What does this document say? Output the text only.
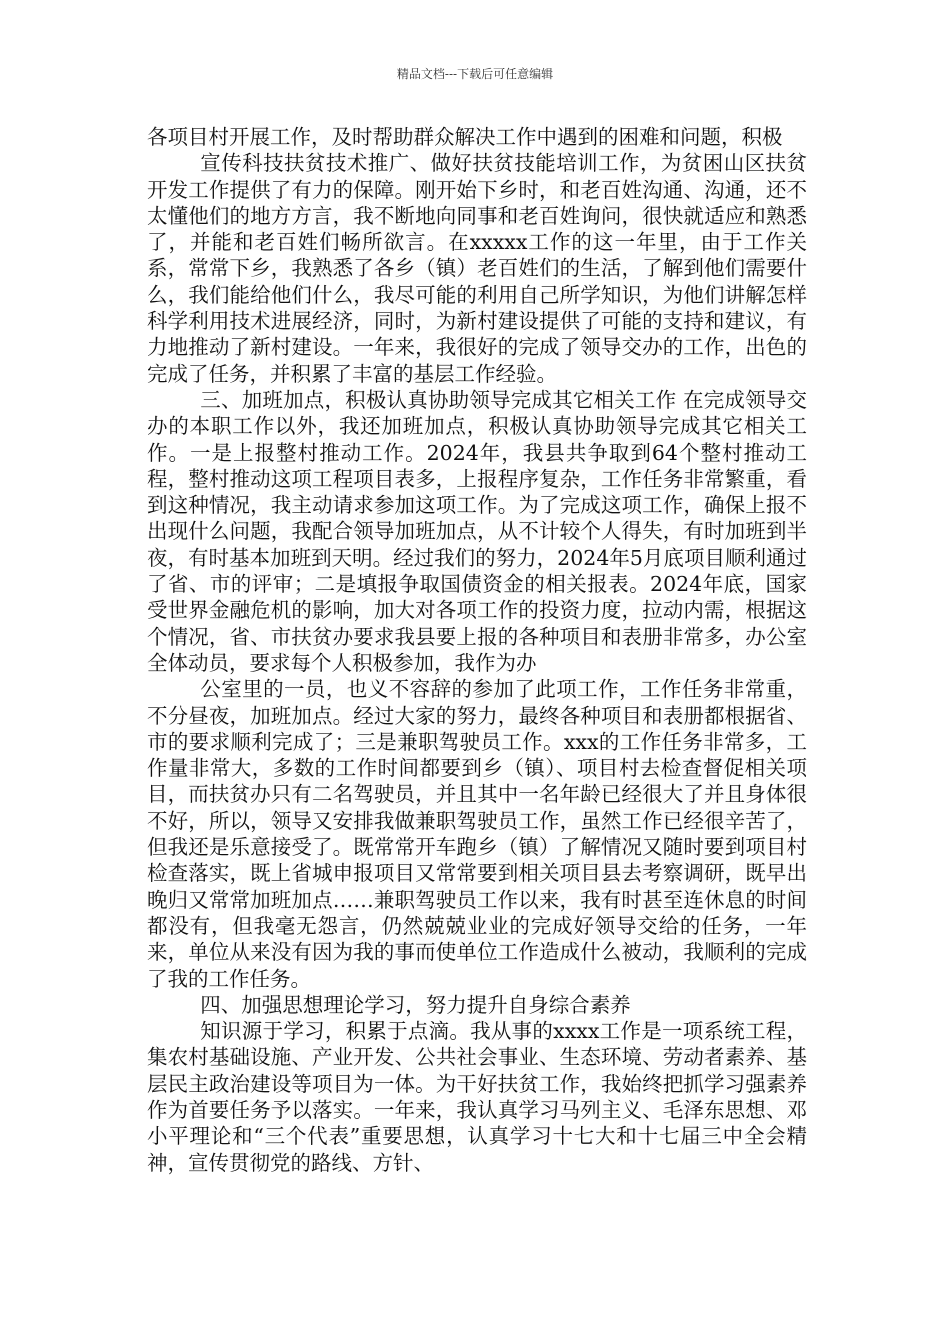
精品文档---下载后可任意编辑

各项目村开展工作，及时帮助群众解决工作中遇到的困难和问题，积极

宣传科技扶贫技术推广、做好扶贫技能培训工作，为贫困山区扶贫开发工作提供了有力的保障。刚开始下乡时，和老百姓沟通、沟通，还不太懂他们的地方方言，我不断地向同事和老百姓询问，很快就适应和熟悉了，并能和老百姓们畅所欲言。在xxxxx工作的这一年里，由于工作关系，常常下乡，我熟悉了各乡（镇）老百姓们的生活，了解到他们需要什么，我们能给他们什么，我尽可能的利用自己所学知识，为他们讲解怎样科学利用技术进展经济，同时，为新村建设提供了可能的支持和建议，有力地推动了新村建设。一年来，我很好的完成了领导交办的工作，出色的完成了任务，并积累了丰富的基层工作经验。

三、加班加点，积极认真协助领导完成其它相关工作 在完成领导交办的本职工作以外，我还加班加点，积极认真协助领导完成其它相关工作。一是上报整村推动工作。2024年，我县共争取到64个整村推动工程，整村推动这项工程项目表多，上报程序复杂，工作任务非常繁重，看到这种情况，我主动请求参加这项工作。为了完成这项工作，确保上报不出现什么问题，我配合领导加班加点，从不计较个人得失，有时加班到半夜，有时基本加班到天明。经过我们的努力，2024年5月底项目顺利通过了省、市的评审；二是填报争取国债资金的相关报表。2024年底，国家受世界金融危机的影响，加大对各项工作的投资力度，拉动内需，根据这个情况，省、市扶贫办要求我县要上报的各种项目和表册非常多，办公室全体动员，要求每个人积极参加，我作为办

公室里的一员，也义不容辞的参加了此项工作，工作任务非常重，不分昼夜，加班加点。经过大家的努力，最终各种项目和表册都根据省、市的要求顺利完成了；三是兼职驾驶员工作。xxx的工作任务非常多，工作量非常大，多数的工作时间都要到乡（镇）、项目村去检查督促相关项目，而扶贫办只有二名驾驶员，并且其中一名年龄已经很大了并且身体很不好，所以，领导又安排我做兼职驾驶员工作，虽然工作已经很辛苦了，但我还是乐意接受了。既常常开车跑乡（镇）了解情况又随时要到项目村检查落实，既上省城申报项目又常常要到相关项目县去考察调研，既早出晚归又常常加班加点……兼职驾驶员工作以来，我有时甚至连休息的时间都没有，但我毫无怨言，仍然兢兢业业的完成好领导交给的任务，一年来，单位从来没有因为我的事而使单位工作造成什么被动，我顺利的完成了我的工作任务。

四、加强思想理论学习，努力提升自身综合素养

知识源于学习，积累于点滴。我从事的xxxx工作是一项系统工程，集农村基础设施、产业开发、公共社会事业、生态环境、劳动者素养、基层民主政治建设等项目为一体。为干好扶贫工作，我始终把抓学习强素养作为首要任务予以落实。一年来，我认真学习马列主义、毛泽东思想、邓小平理论和“三个代表”重要思想，认真学习十七大和十七届三中全会精神，宣传贯彻党的路线、方针、
